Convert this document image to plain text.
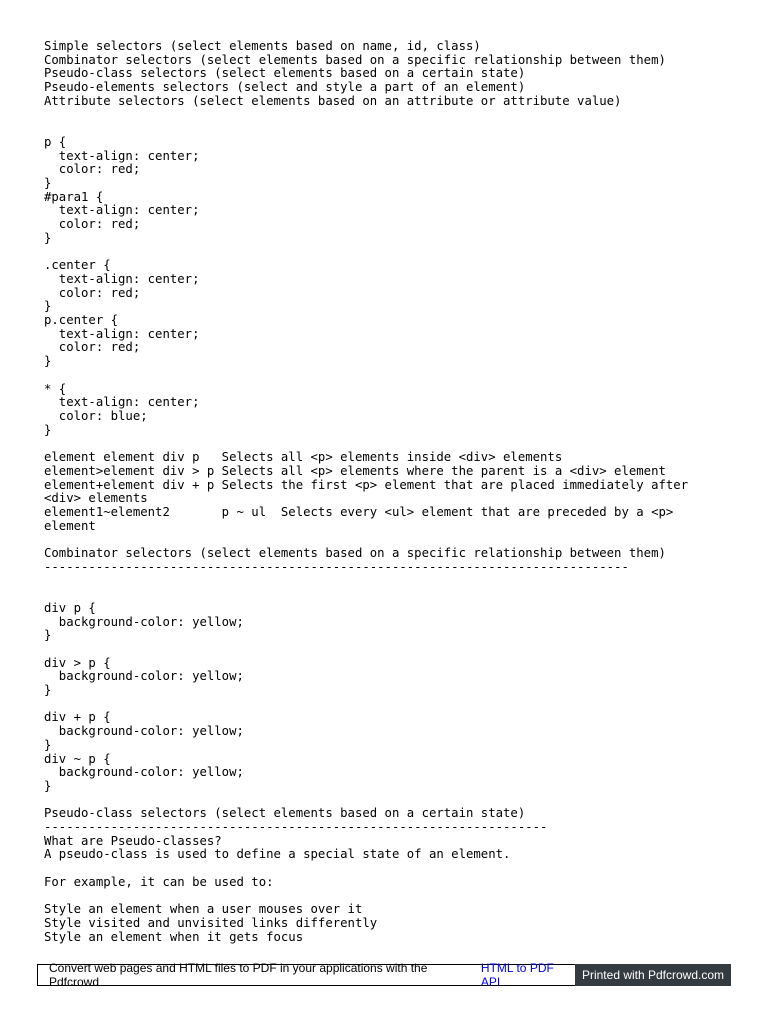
Simple selectors (select elements based on name, id, class)
Combinator selectors (select elements based on a specific relationship between them)
Pseudo-class selectors (select elements based on a certain state)
Pseudo-elements selectors (select and style a part of an element)
Attribute selectors (select elements based on an attribute or attribute value)

p {
text-align: center;
color: red;
}
#para1 {
text-align: center;
color: red;
}

.center {
text-align: center;
color: red;
}
p.center {
text-align: center;
color: red;
}

* {
text-align: center;
color: blue;
}

element element div p   Selects all <p> elements inside <div> elements
element>element div > p Selects all <p> elements where the parent is a <div> element
element+element div + p Selects the first <p> element that are placed immediately after
<div> elements
element1~element2       p ~ ul  Selects every <ul> element that are preceded by a <p>
element

Combinator selectors (select elements based on a specific relationship between them)
-------------------------------------------------------------------------------

div p {
background-color: yellow;
}

div > p {
background-color: yellow;
}

div + p {
background-color: yellow;
}
div ~ p {
background-color: yellow;
}

Pseudo-class selectors (select elements based on a certain state)
--------------------------------------------------------------------
What are Pseudo-classes?
A pseudo-class is used to define a special state of an element.

For example, it can be used to:

Style an element when a user mouses over it
Style visited and unvisited links differently
Style an element when it gets focus
Convert web pages and HTML files to PDF in your applications with the Pdfcrowd
HTML to PDF API	Printed with Pdfcrowd.com
